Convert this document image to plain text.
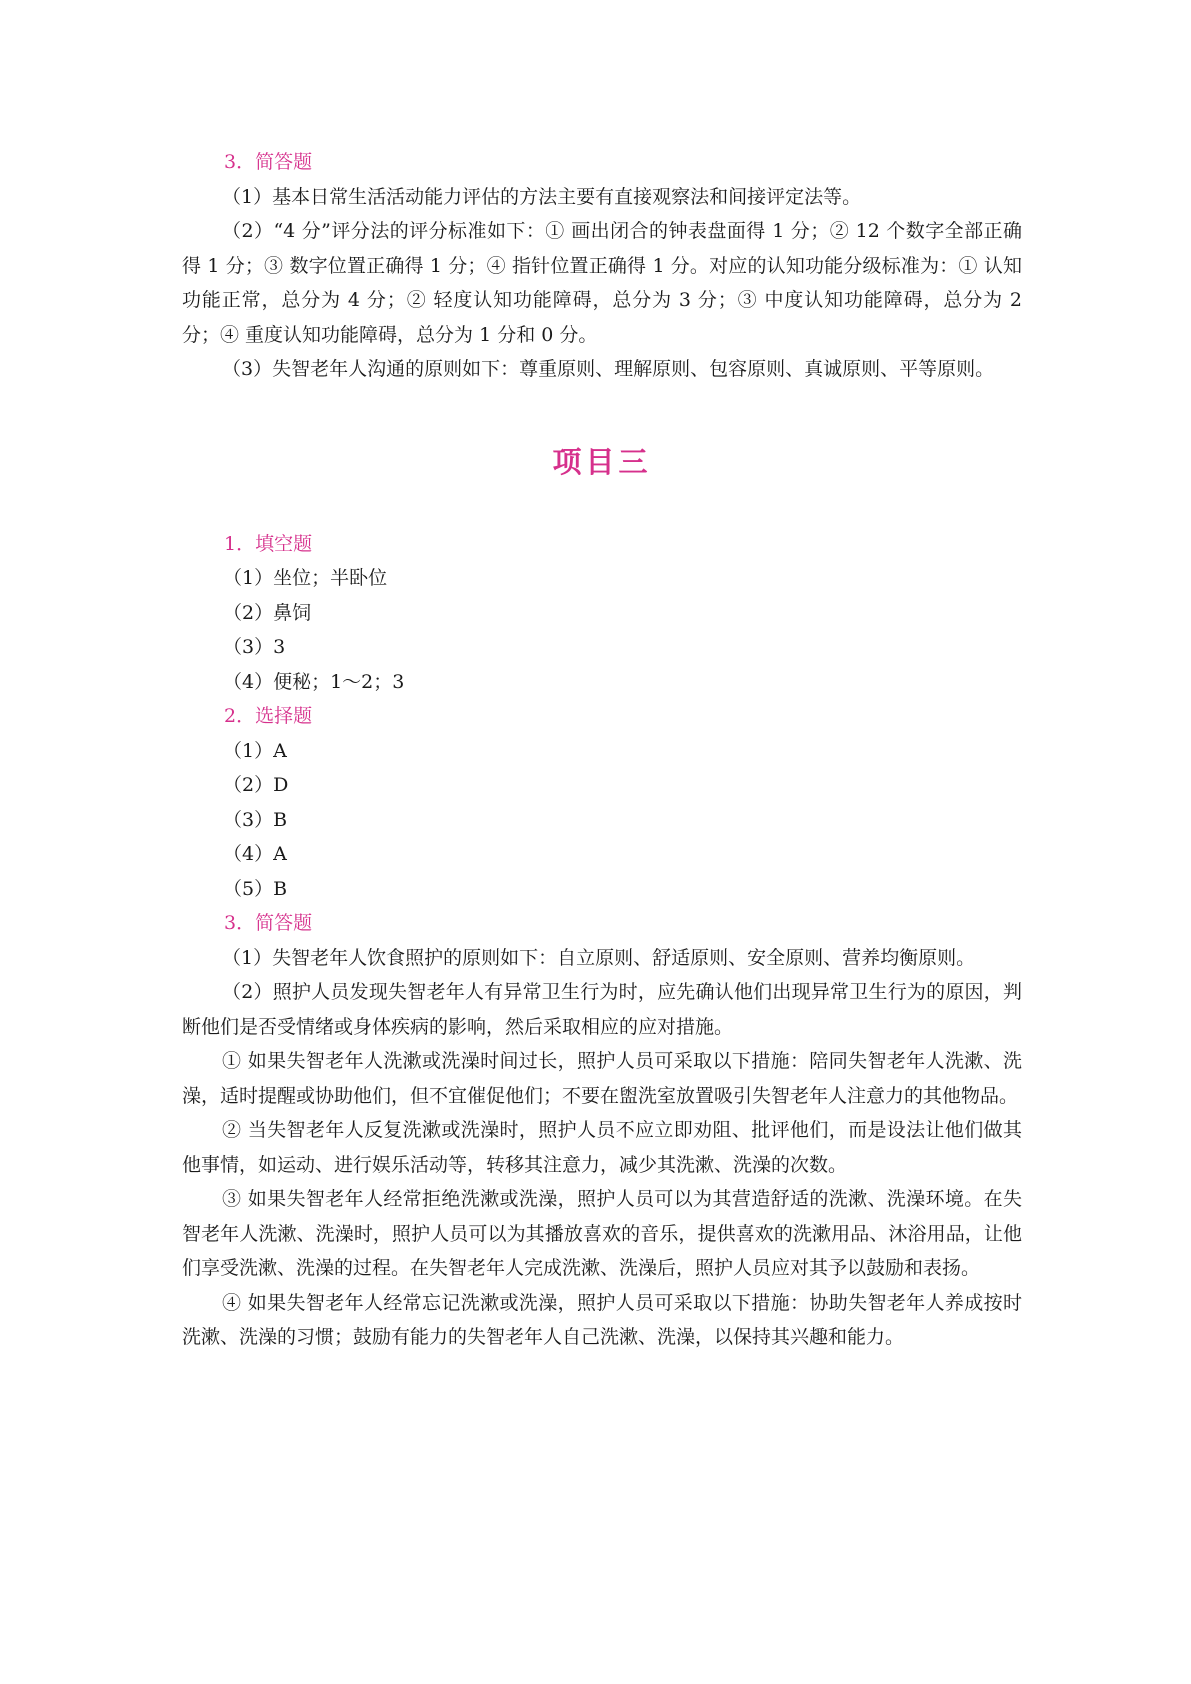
3．简答题

（1）基本日常生活活动能力评估的方法主要有直接观察法和间接评定法等。

（2）“4 分”评分法的评分标准如下：① 画出闭合的钟表盘面得 1 分；② 12 个数字全部正确得 1 分；③ 数字位置正确得 1 分；④ 指针位置正确得 1 分。对应的认知功能分级标准为：① 认知功能正常，总分为 4 分；② 轻度认知功能障碍，总分为 3 分；③ 中度认知功能障碍，总分为 2 分；④ 重度认知功能障碍，总分为 1 分和 0 分。

（3）失智老年人沟通的原则如下：尊重原则、理解原则、包容原则、真诚原则、平等原则。

项目三

1．填空题

（1）坐位；半卧位

（2）鼻饲

（3）3

（4）便秘；1～2；3

2．选择题

（1）A

（2）D

（3）B

（4）A

（5）B

3．简答题

（1）失智老年人饮食照护的原则如下：自立原则、舒适原则、安全原则、营养均衡原则。

（2）照护人员发现失智老年人有异常卫生行为时，应先确认他们出现异常卫生行为的原因，判断他们是否受情绪或身体疾病的影响，然后采取相应的应对措施。

① 如果失智老年人洗漱或洗澡时间过长，照护人员可采取以下措施：陪同失智老年人洗漱、洗澡，适时提醒或协助他们，但不宜催促他们；不要在盥洗室放置吸引失智老年人注意力的其他物品。

② 当失智老年人反复洗漱或洗澡时，照护人员不应立即劝阻、批评他们，而是设法让他们做其他事情，如运动、进行娱乐活动等，转移其注意力，减少其洗漱、洗澡的次数。

③ 如果失智老年人经常拒绝洗漱或洗澡，照护人员可以为其营造舒适的洗漱、洗澡环境。在失智老年人洗漱、洗澡时，照护人员可以为其播放喜欢的音乐，提供喜欢的洗漱用品、沐浴用品，让他们享受洗漱、洗澡的过程。在失智老年人完成洗漱、洗澡后，照护人员应对其予以鼓励和表扬。

④ 如果失智老年人经常忘记洗漱或洗澡，照护人员可采取以下措施：协助失智老年人养成按时洗漱、洗澡的习惯；鼓励有能力的失智老年人自己洗漱、洗澡，以保持其兴趣和能力。
